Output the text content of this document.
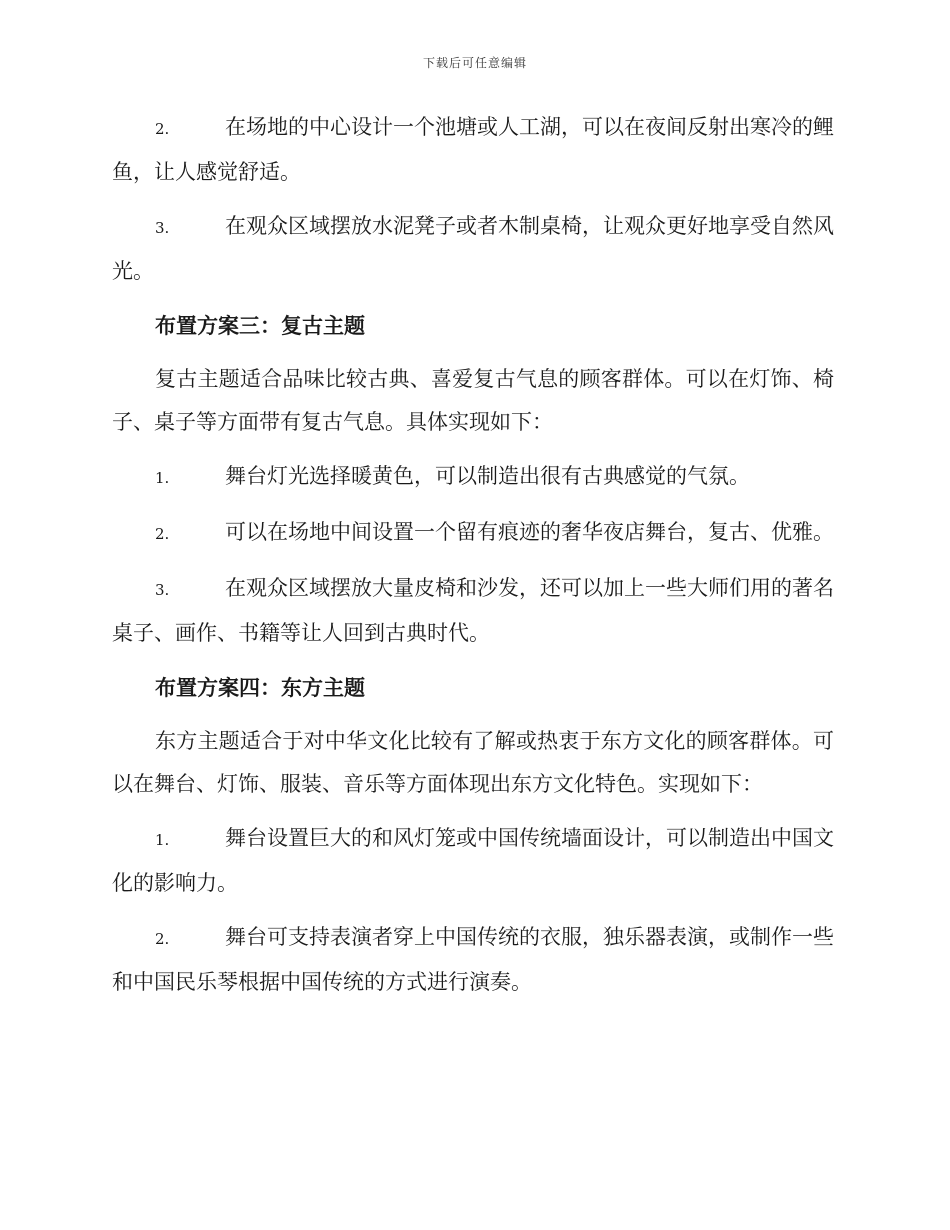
下载后可任意编辑

2.	在场地的中心设计一个池塘或人工湖，可以在夜间反射出寒冷的鲤鱼，让人感觉舒适。

3.	在观众区域摆放水泥凳子或者木制桌椅，让观众更好地享受自然风光。

布置方案三：复古主题

复古主题适合品味比较古典、喜爱复古气息的顾客群体。可以在灯饰、椅子、桌子等方面带有复古气息。具体实现如下：

1.	舞台灯光选择暖黄色，可以制造出很有古典感觉的气氛。

2.	可以在场地中间设置一个留有痕迹的奢华夜店舞台，复古、优雅。

3.	在观众区域摆放大量皮椅和沙发，还可以加上一些大师们用的著名桌子、画作、书籍等让人回到古典时代。

布置方案四：东方主题

东方主题适合于对中华文化比较有了解或热衷于东方文化的顾客群体。可以在舞台、灯饰、服装、音乐等方面体现出东方文化特色。实现如下：

1.	舞台设置巨大的和风灯笼或中国传统墙面设计，可以制造出中国文化的影响力。

2.	舞台可支持表演者穿上中国传统的衣服，独乐器表演，或制作一些和中国民乐琴根据中国传统的方式进行演奏。
